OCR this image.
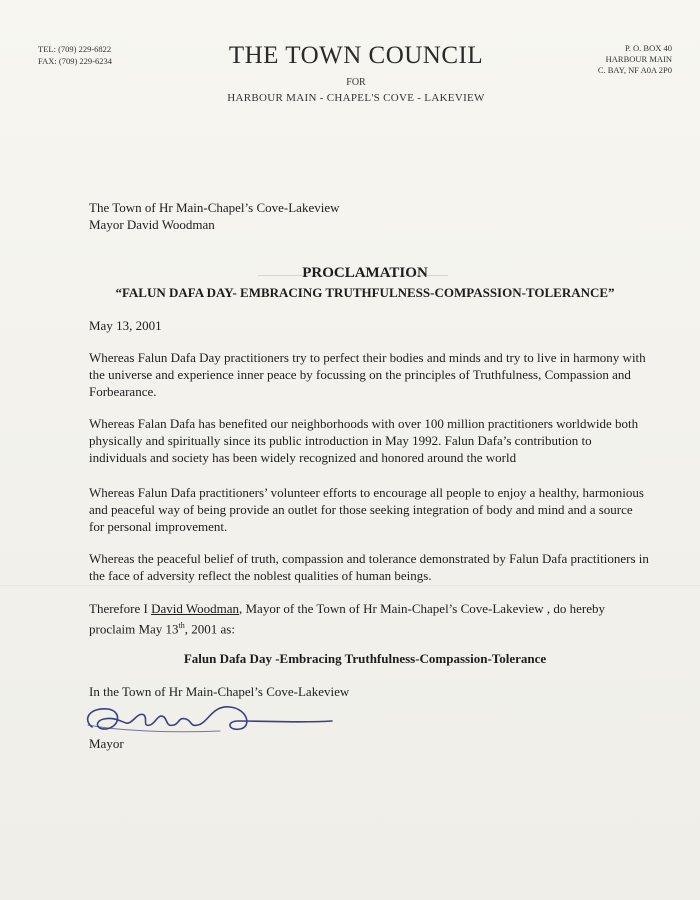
TEL: (709) 229-6822
FAX: (709) 229-6234	THE TOWN COUNCIL
FOR
HARBOUR MAIN - CHAPEL'S COVE - LAKEVIEW
P. O. BOX 40
HARBOUR MAIN
C. BAY, NF A0A 2P0
The Town of Hr Main-Chapel’s Cove-Lakeview
Mayor David Woodman
PROCLAMATION
“FALUN DAFA DAY- EMBRACING TRUTHFULNESS-COMPASSION-TOLERANCE”
May 13, 2001

Whereas Falun Dafa Day practitioners try to perfect their bodies and minds and try to live in harmony with the universe and experience inner peace by focussing on the principles of Truthfulness, Compassion and Forbearance.

Whereas Falan Dafa has benefited our neighborhoods with over 100 million practitioners worldwide both physically and spiritually since its public introduction in May 1992. Falun Dafa’s contribution to individuals and society has been widely recognized and honored around the world

Whereas Falun Dafa practitioners’ volunteer efforts to encourage all people to enjoy a healthy, harmonious and peaceful way of being provide an outlet for those seeking integration of body and mind and a source for personal improvement.

Whereas the peaceful belief of truth, compassion and tolerance demonstrated by Falun Dafa practitioners in the face of adversity reflect the noblest qualities of human beings.

Therefore I David Woodman, Mayor of the Town of Hr Main-Chapel’s Cove-Lakeview , do hereby proclaim May 13th, 2001 as:

Falun Dafa Day -Embracing Truthfulness-Compassion-Tolerance
In the Town of Hr Main-Chapel’s Cove-Lakeview
Mayor
